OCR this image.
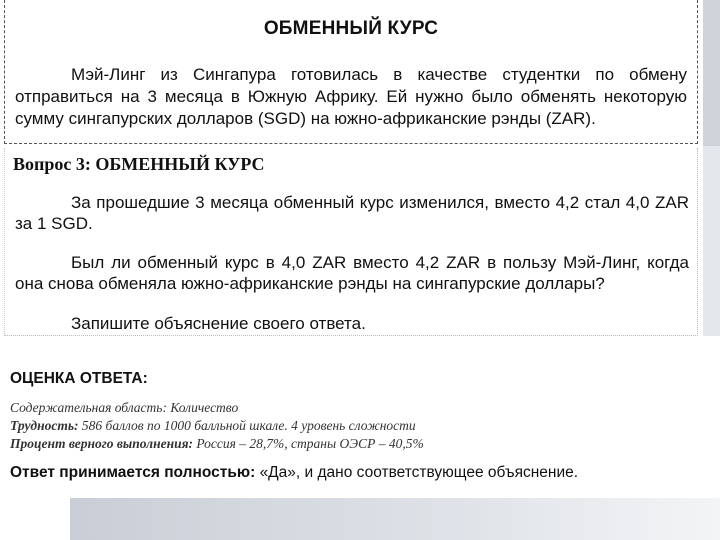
ОБМЕННЫЙ КУРС
Мэй-Линг из Сингапура готовилась в качестве студентки по обмену отправиться на 3 месяца в Южную Африку. Ей нужно было обменять некоторую сумму сингапурских долларов (SGD) на южно-африканские рэнды (ZAR).
Вопрос 3: ОБМЕННЫЙ КУРС
За прошедшие 3 месяца обменный курс изменился, вместо 4,2 стал 4,0 ZAR за 1 SGD.
Был ли обменный курс в 4,0 ZAR вместо 4,2 ZAR в пользу Мэй-Линг, когда она снова обменяла южно-африканские рэнды на сингапурские доллары?
Запишите объяснение своего ответа.
ОЦЕНКА ОТВЕТА:
Содержательная область: Количество
Трудность: 586 баллов по 1000 балльной шкале. 4 уровень сложности
Процент верного выполнения: Россия – 28,7%, страны ОЭСР – 40,5%
Ответ принимается полностью: «Да», и дано соответствующее объяснение.
